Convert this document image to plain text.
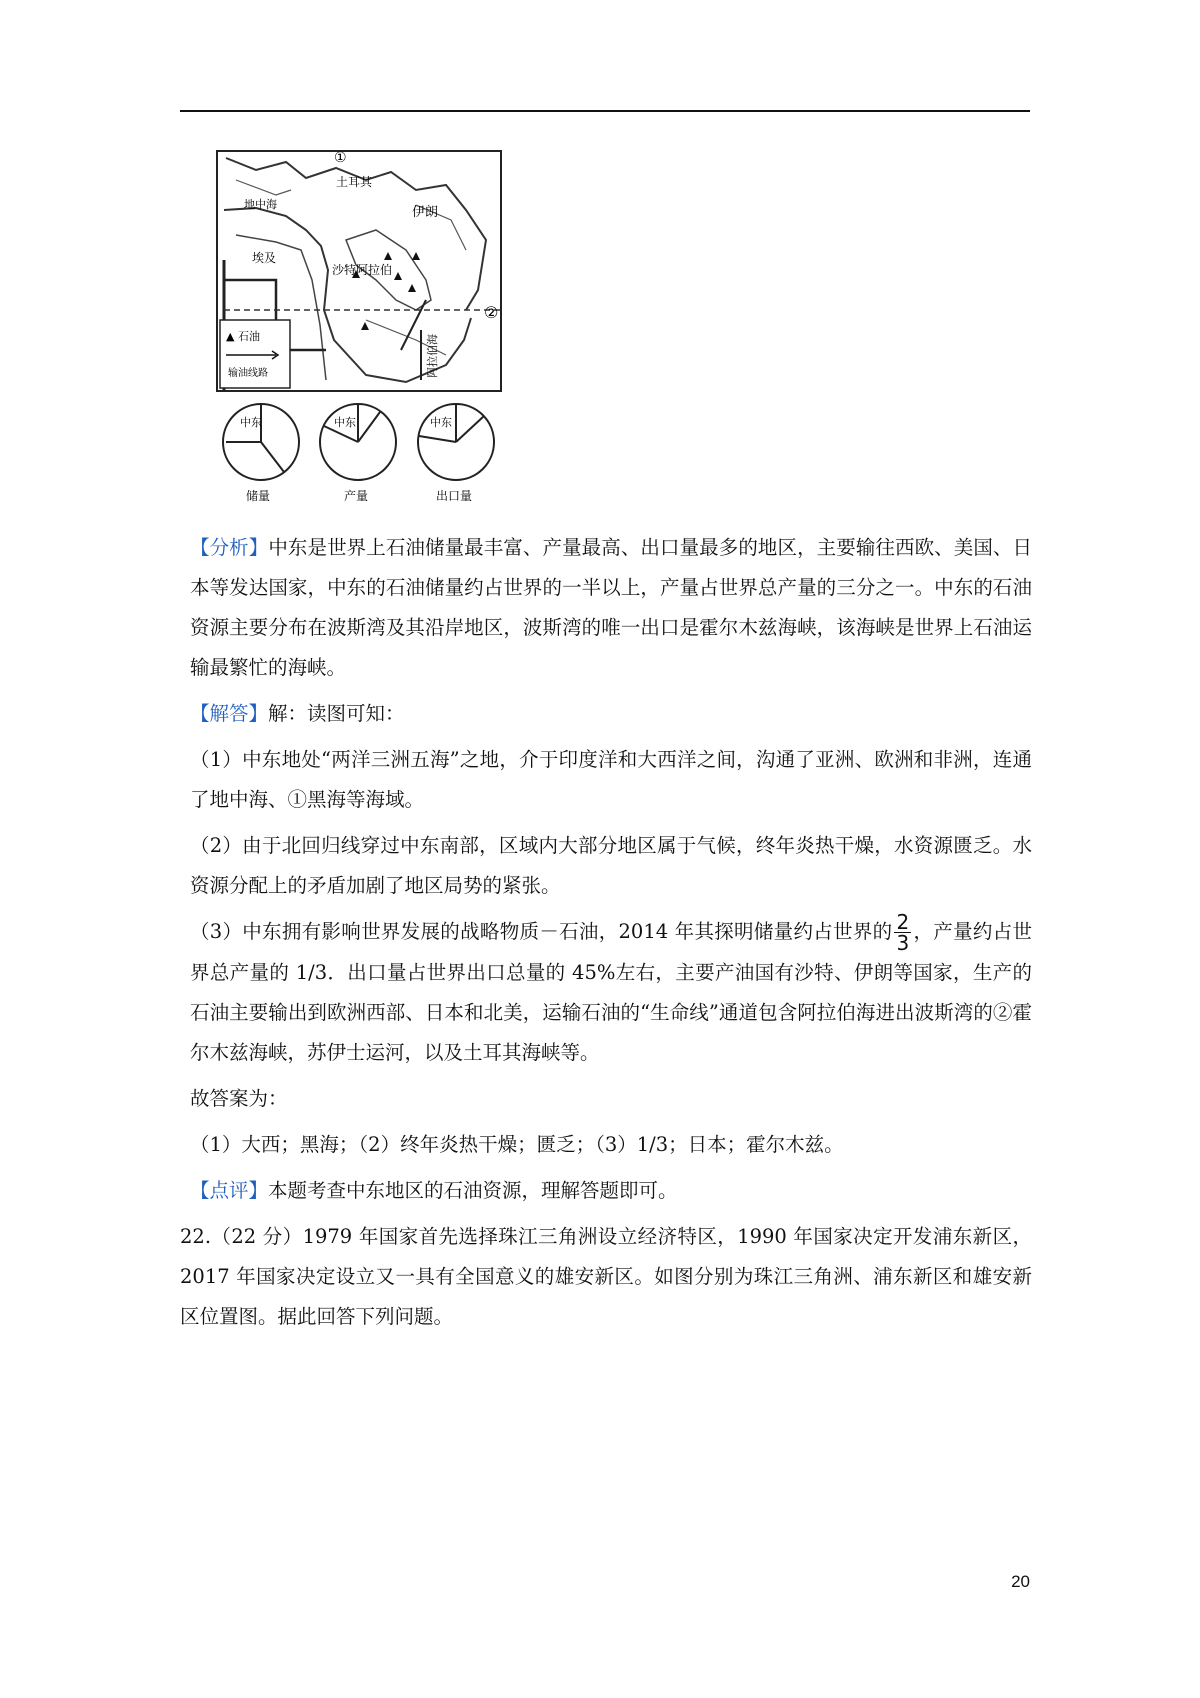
土耳其
伊朗
地中海
埃及
沙特阿拉伯
①
②
阿拉伯海
▲ 石油
输油线路
中东
储量
中东
产量
中东
出口量

【分析】中东是世界上石油储量最丰富、产量最高、出口量最多的地区，主要输往西欧、美国、日本等发达国家，中东的石油储量约占世界的一半以上，产量占世界总产量的三分之一。中东的石油资源主要分布在波斯湾及其沿岸地区，波斯湾的唯一出口是霍尔木兹海峡，该海峡是世界上石油运输最繁忙的海峡。

【解答】解：读图可知：

（1）中东地处“两洋三洲五海”之地，介于印度洋和大西洋之间，沟通了亚洲、欧洲和非洲，连通了地中海、①黑海等海域。

（2）由于北回归线穿过中东南部，区域内大部分地区属于气候，终年炎热干燥，水资源匮乏。水资源分配上的矛盾加剧了地区局势的紧张。

（3）中东拥有影响世界发展的战略物质－石油，2014 年其探明储量约占世界的 $\frac{2}{3}$ ，产量约占世界总产量的 1/3．出口量占世界出口总量的 45%左右，主要产油国有沙特、伊朗等国家，生产的石油主要输出到欧洲西部、日本和北美，运输石油的“生命线”通道包含阿拉伯海进出波斯湾的②霍尔木兹海峡，苏伊士运河，以及土耳其海峡等。

故答案为：

（1）大西；黑海；（2）终年炎热干燥；匮乏；（3）1/3；日本；霍尔木兹。

【点评】本题考查中东地区的石油资源，理解答题即可。

22.（22 分）1979 年国家首先选择珠江三角洲设立经济特区，1990 年国家决定开发浦东新区，2017 年国家决定设立又一具有全国意义的雄安新区。如图分别为珠江三角洲、浦东新区和雄安新区位置图。据此回答下列问题。

20
